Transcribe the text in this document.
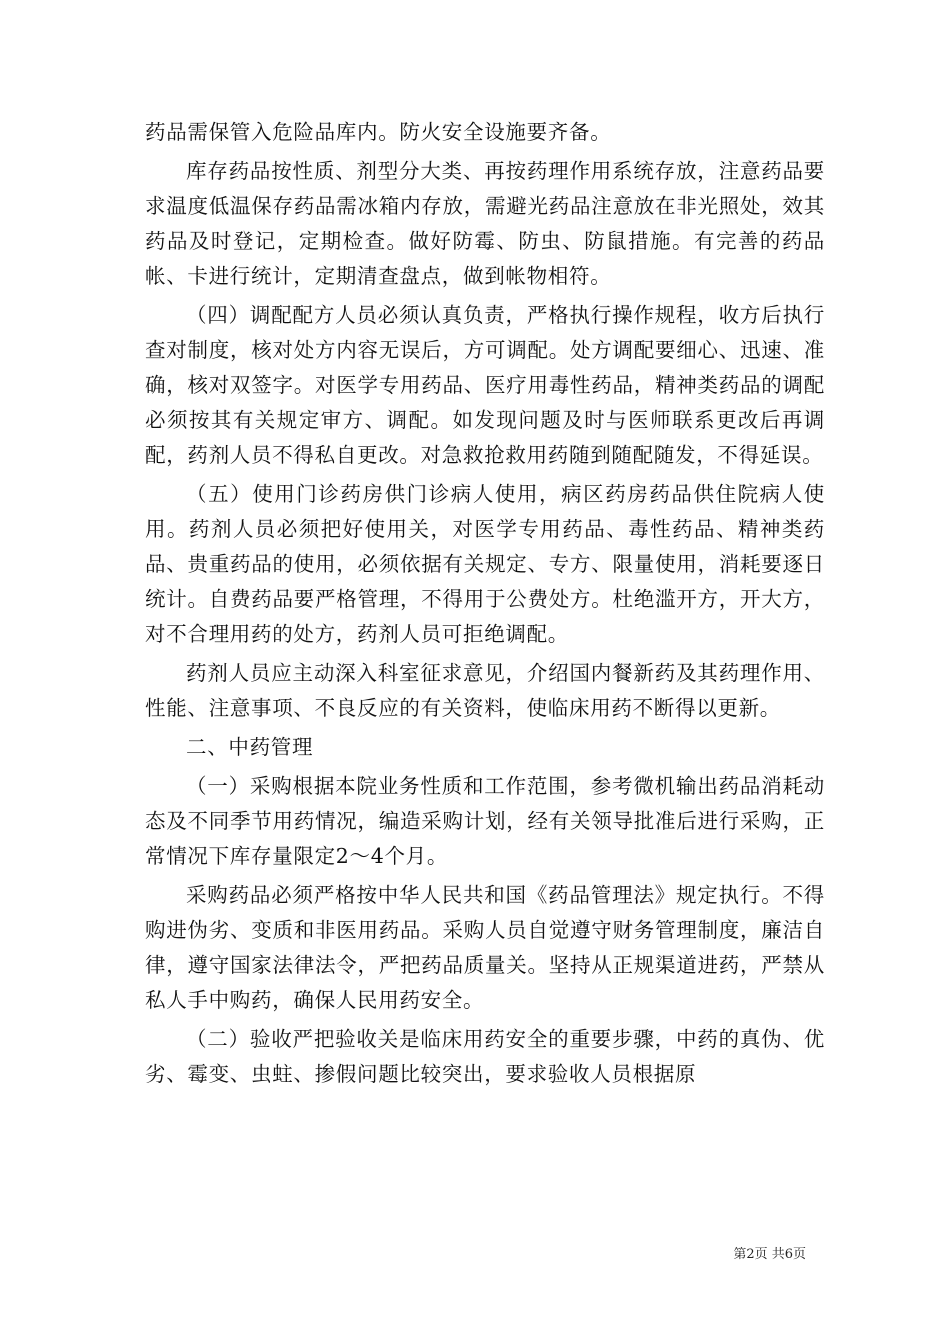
药品需保管入危险品库内。防火安全设施要齐备。

库存药品按性质、剂型分大类、再按药理作用系统存放，注意药品要求温度低温保存药品需冰箱内存放，需避光药品注意放在非光照处，效其药品及时登记，定期检查。做好防霉、防虫、防鼠措施。有完善的药品帐、卡进行统计，定期清查盘点，做到帐物相符。

（四）调配配方人员必须认真负责，严格执行操作规程，收方后执行查对制度，核对处方内容无误后，方可调配。处方调配要细心、迅速、准确，核对双签字。对医学专用药品、医疗用毒性药品，精神类药品的调配必须按其有关规定审方、调配。如发现问题及时与医师联系更改后再调配，药剂人员不得私自更改。对急救抢救用药随到随配随发，不得延误。

（五）使用门诊药房供门诊病人使用，病区药房药品供住院病人使用。药剂人员必须把好使用关，对医学专用药品、毒性药品、精神类药品、贵重药品的使用，必须依据有关规定、专方、限量使用，消耗要逐日统计。自费药品要严格管理，不得用于公费处方。杜绝滥开方，开大方，对不合理用药的处方，药剂人员可拒绝调配。

药剂人员应主动深入科室征求意见，介绍国内餐新药及其药理作用、性能、注意事项、不良反应的有关资料，使临床用药不断得以更新。

二、中药管理

（一）采购根据本院业务性质和工作范围，参考微机输出药品消耗动态及不同季节用药情况，编造采购计划，经有关领导批准后进行采购，正常情况下库存量限定2～4个月。

采购药品必须严格按中华人民共和国《药品管理法》规定执行。不得购进伪劣、变质和非医用药品。采购人员自觉遵守财务管理制度，廉洁自律，遵守国家法律法令，严把药品质量关。坚持从正规渠道进药，严禁从私人手中购药，确保人民用药安全。

（二）验收严把验收关是临床用药安全的重要步骤，中药的真伪、优劣、霉变、虫蛀、掺假问题比较突出，要求验收人员根据原

第2页 共6页
